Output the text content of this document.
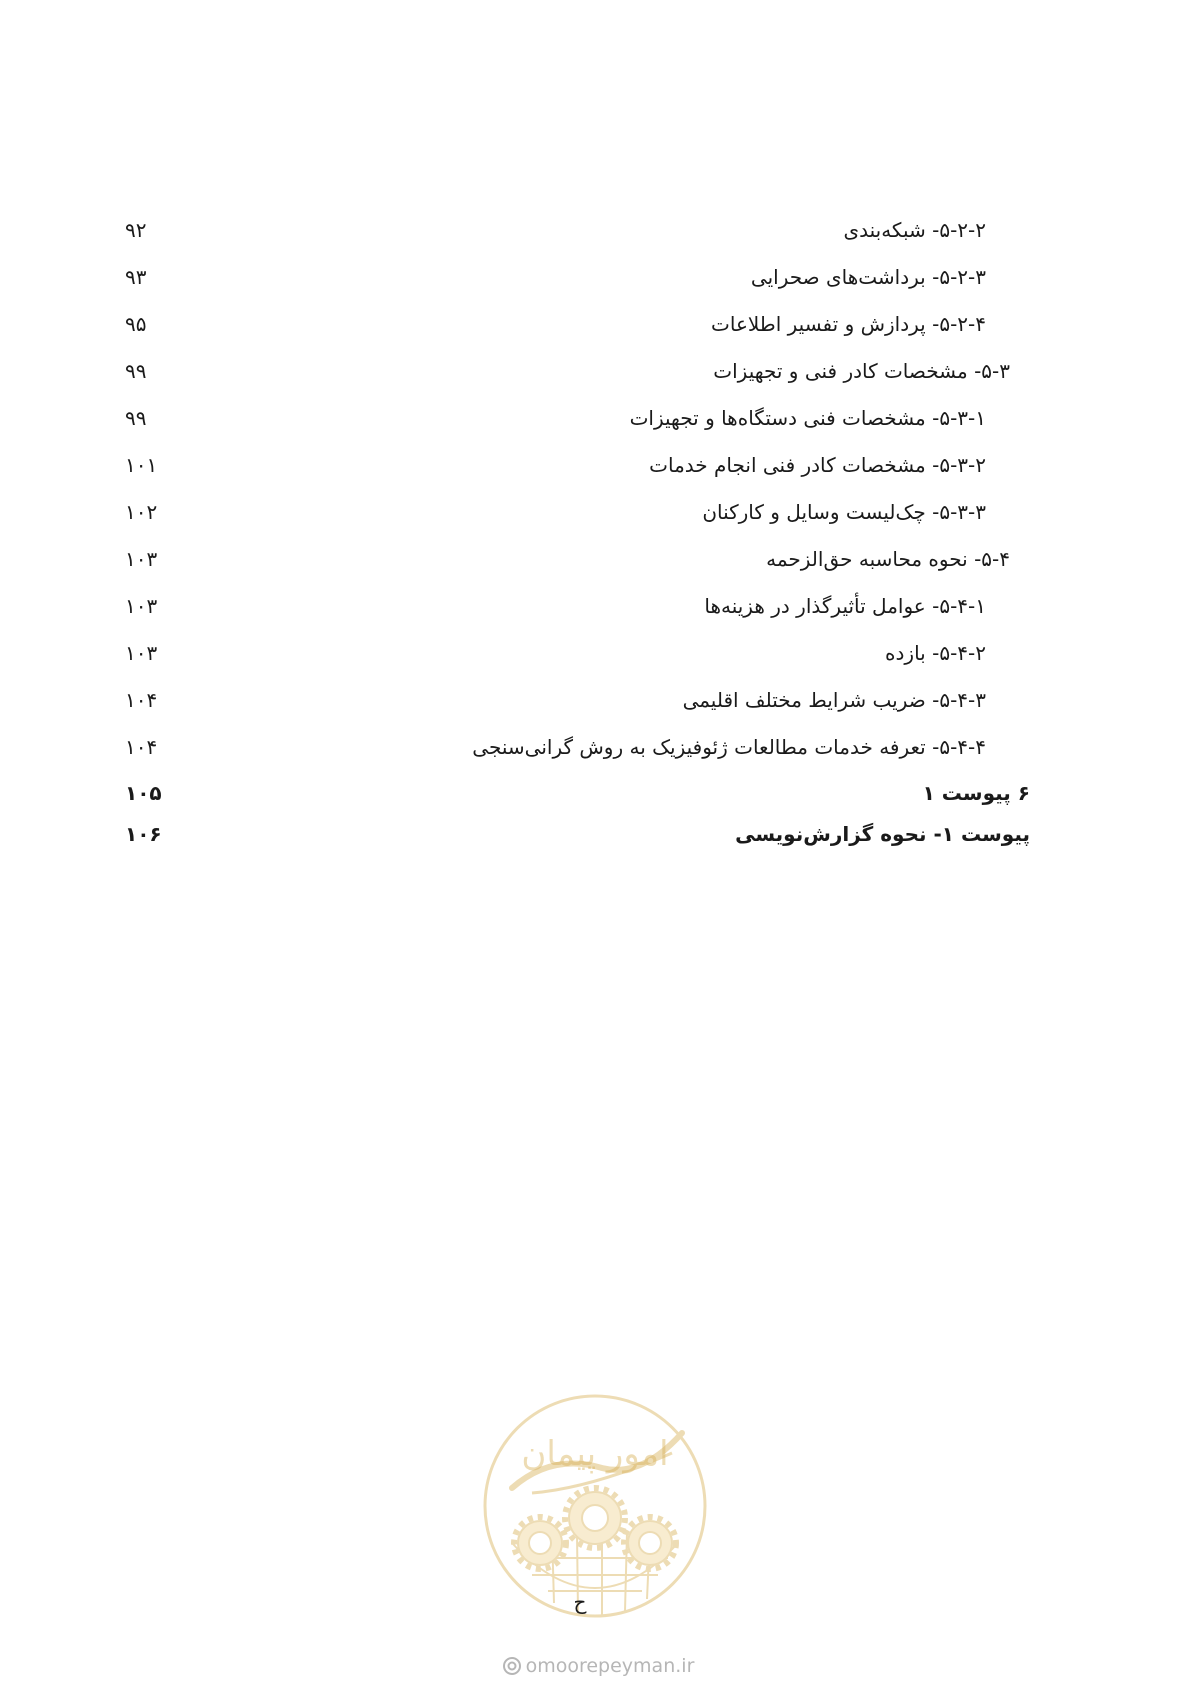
۵-۲-۲- شبکه‌بندی
۹۲
۵-۲-۳- برداشت‌های صحرایی
۹۳
۵-۲-۴- پردازش و تفسیر اطلاعات
۹۵
۵-۳- مشخصات کادر فنی و تجهیزات
۹۹
۵-۳-۱- مشخصات فنی دستگاه‌ها و تجهیزات
۹۹
۵-۳-۲- مشخصات کادر فنی انجام خدمات
۱۰۱
۵-۳-۳- چک‌لیست وسایل و کارکنان
۱۰۲
۵-۴- نحوه محاسبه حق‌الزحمه
۱۰۳
۵-۴-۱- عوامل تأثیرگذار در هزینه‌ها
۱۰۳
۵-۴-۲- بازده
۱۰۳
۵-۴-۳- ضریب شرایط مختلف اقلیمی
۱۰۴
۵-۴-۴- تعرفه خدمات مطالعات ژئوفیزیک به روش گرانی‌سنجی
۱۰۴
۶ پیوست ۱
۱۰۵
پیوست ۱- نحوه گزارش‌نویسی
۱۰۶
امور پیمان
ح
omoorepeyman.ir
